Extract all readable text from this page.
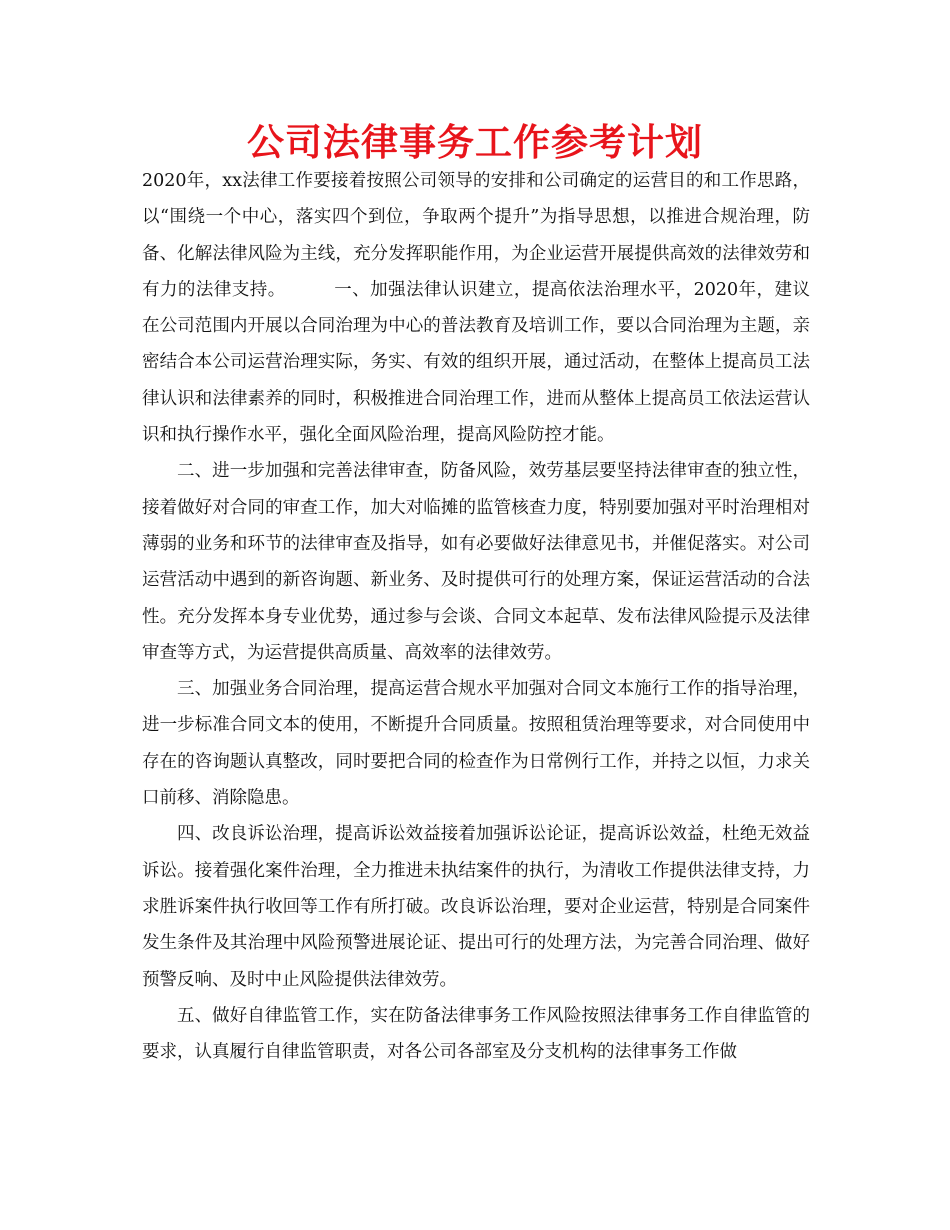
公司法律事务工作参考计划

2020年，xx法律工作要接着按照公司领导的安排和公司确定的运营目的和工作思路，以“围绕一个中心，落实四个到位，争取两个提升”为指导思想，以推进合规治理，防备、化解法律风险为主线，充分发挥职能作用，为企业运营开展提供高效的法律效劳和有力的法律支持。	一、加强法律认识建立，提高依法治理水平，2020年，建议在公司范围内开展以合同治理为中心的普法教育及培训工作，要以合同治理为主题，亲密结合本公司运营治理实际，务实、有效的组织开展，通过活动，在整体上提高员工法律认识和法律素养的同时，积极推进合同治理工作，进而从整体上提高员工依法运营认识和执行操作水平，强化全面风险治理，提高风险防控才能。

二、进一步加强和完善法律审查，防备风险，效劳基层要坚持法律审查的独立性，接着做好对合同的审查工作，加大对临摊的监管核查力度，特别要加强对平时治理相对薄弱的业务和环节的法律审查及指导，如有必要做好法律意见书，并催促落实。对公司运营活动中遇到的新咨询题、新业务、及时提供可行的处理方案，保证运营活动的合法性。充分发挥本身专业优势，通过参与会谈、合同文本起草、发布法律风险提示及法律审查等方式，为运营提供高质量、高效率的法律效劳。

三、加强业务合同治理，提高运营合规水平加强对合同文本施行工作的指导治理，进一步标准合同文本的使用，不断提升合同质量。按照租赁治理等要求，对合同使用中存在的咨询题认真整改，同时要把合同的检查作为日常例行工作，并持之以恒，力求关口前移、消除隐患。

四、改良诉讼治理，提高诉讼效益接着加强诉讼论证，提高诉讼效益，杜绝无效益诉讼。接着强化案件治理，全力推进未执结案件的执行，为清收工作提供法律支持，力求胜诉案件执行收回等工作有所打破。改良诉讼治理，要对企业运营，特别是合同案件发生条件及其治理中风险预警进展论证、提出可行的处理方法，为完善合同治理、做好预警反响、及时中止风险提供法律效劳。

五、做好自律监管工作，实在防备法律事务工作风险按照法律事务工作自律监管的要求，认真履行自律监管职责，对各公司各部室及分支机构的法律事务工作做
